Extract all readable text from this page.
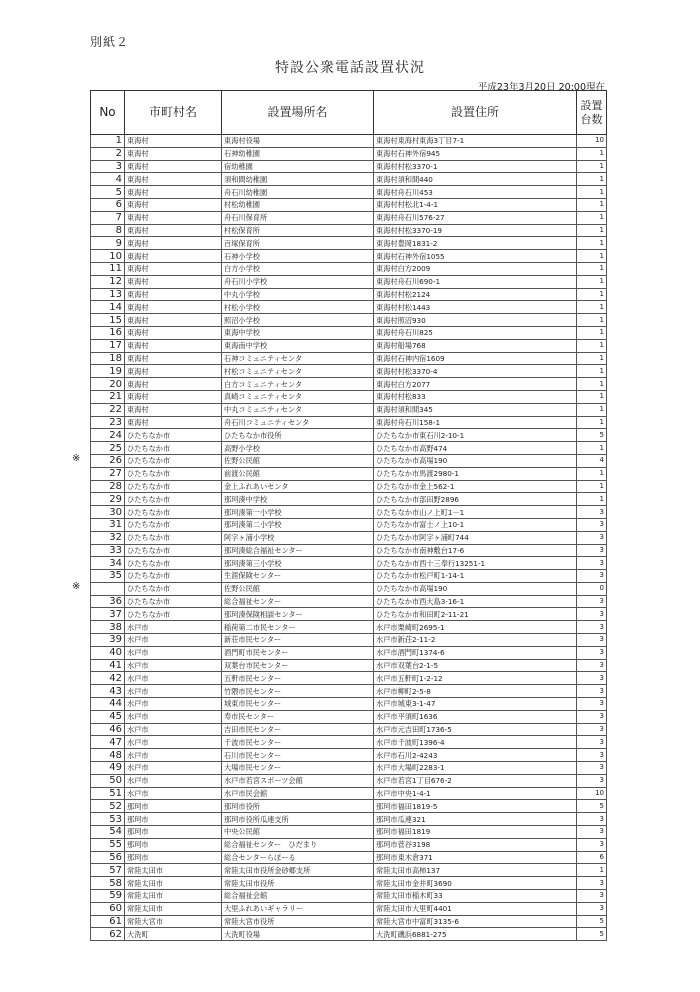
別紙２
特設公衆電話設置状況
平成23年3月20日 20:00現在
※
※
No	市町村名	設置場所名	設置住所	設置台数
1	東海村	東海村役場	東海村東海村東海3丁目7-1	10
2	東海村	石神幼稚園	東海村石神外宿945	1
3	東海村	宿幼稚園	東海村村松3370-1	1
4	東海村	須和間幼稚園	東海村須和間440	1
5	東海村	舟石川幼稚園	東海村舟石川453	1
6	東海村	村松幼稚園	東海村村松北1-4-1	1
7	東海村	舟石川保育所	東海村舟石川576-27	1
8	東海村	村松保育所	東海村村松3370-19	1
9	東海村	百塚保育所	東海村豊岡1831-2	1
10	東海村	石神小学校	東海村石神外宿1055	1
11	東海村	白方小学校	東海村白方2009	1
12	東海村	舟石川小学校	東海村舟石川690-1	1
13	東海村	中丸小学校	東海村村松2124	1
14	東海村	村松小学校	東海村村松1443	1
15	東海村	照沼小学校	東海村照沼930	1
16	東海村	東海中学校	東海村舟石川825	1
17	東海村	東海南中学校	東海村船場768	1
18	東海村	石神コミュニティセンタ	東海村石神内宿1609	1
19	東海村	村松コミュニティセンタ	東海村村松3370-4	1
20	東海村	白方コミュニティセンタ	東海村白方2077	1
21	東海村	真崎コミュニティセンタ	東海村村松833	1
22	東海村	中丸コミュニティセンタ	東海村須和間345	1
23	東海村	舟石川コミュニティセンタ	東海村舟石川158-1	1
24	ひたちなか市	ひたちなか市役所	ひたちなか市東石川2-10-1	5
25	ひたちなか市	高野小学校	ひたちなか市高野474	1
26	ひたちなか市	佐野公民館	ひたちなか市高場190	4
27	ひたちなか市	前渡公民館	ひたちなか市馬渡2980-1	1
28	ひたちなか市	金上ふれあいセンタ	ひたちなか市金上562-1	1
29	ひたちなか市	那珂湊中学校	ひたちなか市部田野2896	1
30	ひたちなか市	那珂湊第一小学校	ひたちなか市山ノ上町1－1	3
31	ひたちなか市	那珂湊第二小学校	ひたちなか市富士ノ上10-1	3
32	ひたちなか市	阿字ヶ浦小学校	ひたちなか市阿字ヶ浦町744	3
33	ひたちなか市	那珂湊総合福祉センター	ひたちなか市南神敷台17-6	3
34	ひたちなか市	那珂湊第三小学校	ひたちなか市西十三奉行13251-1	3
35	ひたちなか市	生涯保険センター	ひたちなか市松戸町1-14-1	3
	ひたちなか市	佐野公民館	ひたちなか市高場190	0
36	ひたちなか市	総合福祉センター	ひたちなか市西大島3-16-1	3
37	ひたちなか市	那珂湊保険相談センター	ひたちなか市和田町2-11-21	3
38	水戸市	稲荷第二市民センター	水戸市栗崎町2695-1	3
39	水戸市	新荘市民センター	水戸市新荘2-11-2	3
40	水戸市	酒門町市民センター	水戸市酒門町1374-6	3
41	水戸市	双葉台市民センター	水戸市双葉台2-1-5	3
42	水戸市	五軒市民センター	水戸市五軒町1-2-12	3
43	水戸市	竹隈市民センター	水戸市柳町2-5-8	3
44	水戸市	城東市民センター	水戸市城東3-1-47	3
45	水戸市	寿市民センター	水戸市平須町1636	3
46	水戸市	吉田市民センター	水戸市元吉田町1736-5	3
47	水戸市	千波市民センター	水戸市千波町1396-4	3
48	水戸市	石川市民センター	水戸市石川2-4243	3
49	水戸市	大場市民センター	水戸市大場町2283-1	3
50	水戸市	水戸市若宮スポーツ会館	水戸市若宮1丁目676-2	3
51	水戸市	水戸市民会館	水戸市中央1-4-1	10
52	那珂市	那珂市役所	那珂市福田1819-5	5
53	那珂市	那珂市役所瓜連支所	那珂市瓜連321	3
54	那珂市	中央公民館	那珂市福田1819	3
55	那珂市	総合福祉センター　ひだまり	那珂市菅谷3198	3
56	那珂市	総合センターらぽーる	那珂市東木倉371	6
57	常陸太田市	常陸太田市役所金砂郷支所	常陸太田市高柿137	1
58	常陸太田市	常陸太田市役所	常陸太田市金井町3690	3
59	常陸太田市	総合福祉会館	常陸太田市稲木町33	3
60	常陸太田市	大里ふれあいギャラリー	常陸太田市大里町4401	3
61	常陸大宮市	常陸大宮市役所	常陸大宮市中富町3135-6	5
62	大洗町	大洗町役場	大洗町磯浜6881-275	5
